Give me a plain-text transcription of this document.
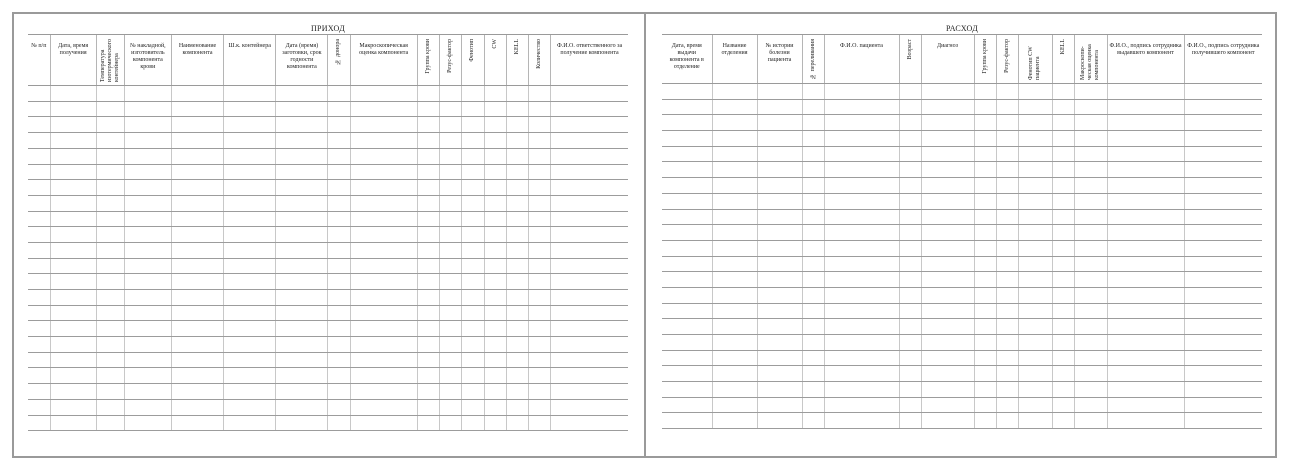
ПРИХОД
№ п/п	Дата, время получения	Температура изотермического контейнера	№ накладной, изготовитель компонента крови	Наименование компонента	Ш.к. контейнера	Дата (время) заготовки, срок годности компонента	№ донора	Макроскопическая оценка компонента	Группа крови	Резус-фактор	Фенотип	CW	KELL	Количество	Ф.И.О. ответственного за получение компонента

РАСХОД
Дата, время выдачи компонента в отделение	Название отделения	№ истории болезни пациента	№ переливания	Ф.И.О. пациента	Возраст	Диагноз	Группа крови	Резус-фактор	Фенотип CW пациента	KELL	Макроскопи- ческая оценка компонента	Ф.И.О., подпись сотрудника выдавшего компонент	Ф.И.О., подпись сотрудника получившего компонент
